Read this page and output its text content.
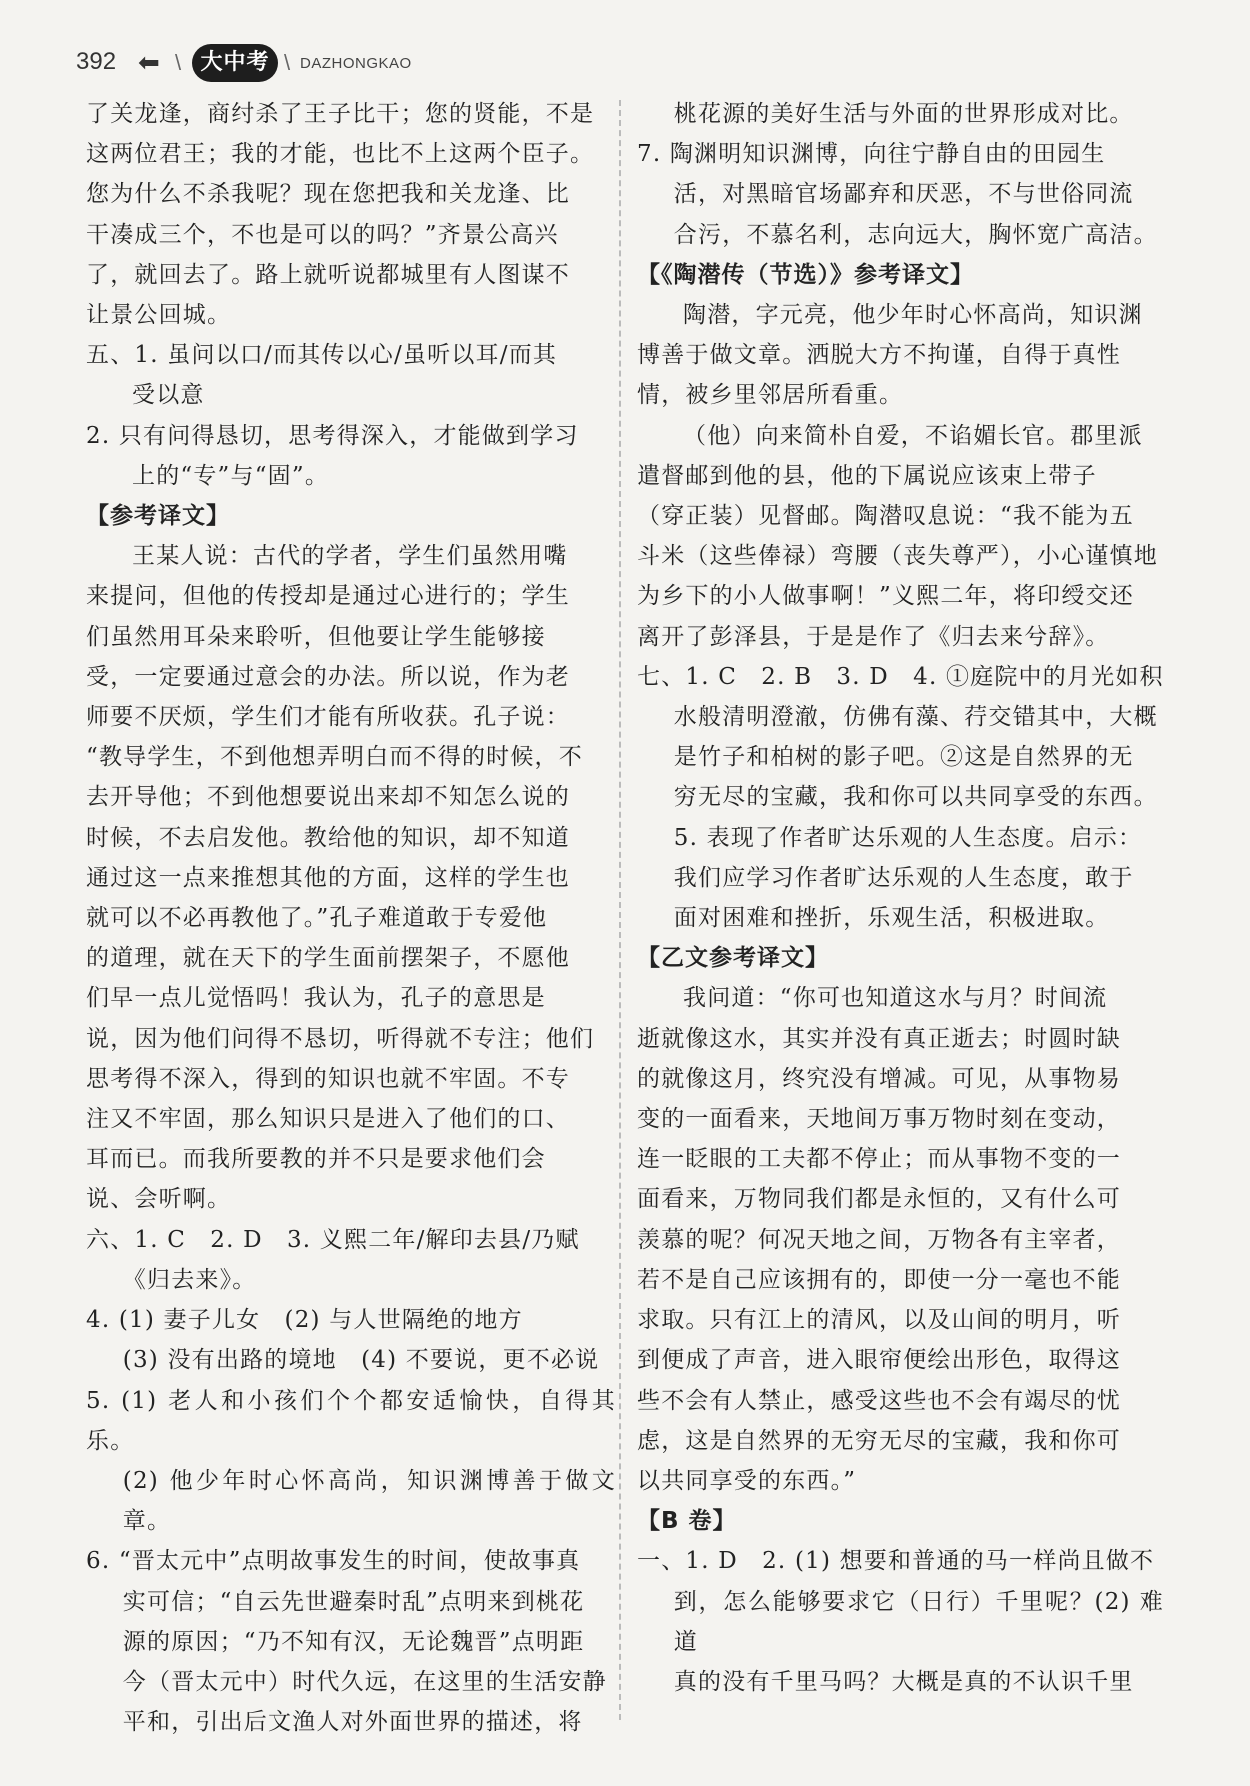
392 ⬅ \ 大中考 \ DAZHONGKAO

了关龙逢，商纣杀了王子比干；您的贤能，不是

这两位君王；我的才能，也比不上这两个臣子。

您为什么不杀我呢？现在您把我和关龙逢、比

干凑成三个，不也是可以的吗？”齐景公高兴

了，就回去了。路上就听说都城里有人图谋不

让景公回城。

五、1. 虽问以口/而其传以心/虽听以耳/而其

受以意

2. 只有问得恳切，思考得深入，才能做到学习

上的“专”与“固”。

【参考译文】

王某人说：古代的学者，学生们虽然用嘴

来提问，但他的传授却是通过心进行的；学生

们虽然用耳朵来聆听，但他要让学生能够接

受，一定要通过意会的办法。所以说，作为老

师要不厌烦，学生们才能有所收获。孔子说：

“教导学生，不到他想弄明白而不得的时候，不

去开导他；不到他想要说出来却不知怎么说的

时候，不去启发他。教给他的知识，却不知道

通过这一点来推想其他的方面，这样的学生也

就可以不必再教他了。”孔子难道敢于专爱他

的道理，就在天下的学生面前摆架子，不愿他

们早一点儿觉悟吗！我认为，孔子的意思是

说，因为他们问得不恳切，听得就不专注；他们

思考得不深入，得到的知识也就不牢固。不专

注又不牢固，那么知识只是进入了他们的口、

耳而已。而我所要教的并不只是要求他们会

说、会听啊。

六、1. C　2. D　3. 义熙二年/解印去县/乃赋

《归去来》。

4. (1) 妻子儿女　(2) 与人世隔绝的地方

(3) 没有出路的境地　(4) 不要说，更不必说

5. (1) 老人和小孩们个个都安适愉快，自得其乐。

(2) 他少年时心怀高尚，知识渊博善于做文章。

6. “晋太元中”点明故事发生的时间，使故事真

实可信；“自云先世避秦时乱”点明来到桃花

源的原因；“乃不知有汉，无论魏晋”点明距

今（晋太元中）时代久远，在这里的生活安静

平和，引出后文渔人对外面世界的描述，将

桃花源的美好生活与外面的世界形成对比。

7. 陶渊明知识渊博，向往宁静自由的田园生

活，对黑暗官场鄙弃和厌恶，不与世俗同流

合污，不慕名利，志向远大，胸怀宽广高洁。

【《陶潜传（节选）》参考译文】

陶潜，字元亮，他少年时心怀高尚，知识渊

博善于做文章。洒脱大方不拘谨，自得于真性

情，被乡里邻居所看重。

（他）向来简朴自爱，不谄媚长官。郡里派

遣督邮到他的县，他的下属说应该束上带子

（穿正装）见督邮。陶潜叹息说：“我不能为五

斗米（这些俸禄）弯腰（丧失尊严），小心谨慎地

为乡下的小人做事啊！”义熙二年，将印绶交还

离开了彭泽县，于是是作了《归去来兮辞》。

七、1. C　2. B　3. D　4. ①庭院中的月光如积

水般清明澄澈，仿佛有藻、荇交错其中，大概

是竹子和柏树的影子吧。②这是自然界的无

穷无尽的宝藏，我和你可以共同享受的东西。

5. 表现了作者旷达乐观的人生态度。启示：

我们应学习作者旷达乐观的人生态度，敢于

面对困难和挫折，乐观生活，积极进取。

【乙文参考译文】

我问道：“你可也知道这水与月？时间流

逝就像这水，其实并没有真正逝去；时圆时缺

的就像这月，终究没有增减。可见，从事物易

变的一面看来，天地间万事万物时刻在变动，

连一眨眼的工夫都不停止；而从事物不变的一

面看来，万物同我们都是永恒的，又有什么可

羡慕的呢？何况天地之间，万物各有主宰者，

若不是自己应该拥有的，即使一分一毫也不能

求取。只有江上的清风，以及山间的明月，听

到便成了声音，进入眼帘便绘出形色，取得这

些不会有人禁止，感受这些也不会有竭尽的忧

虑，这是自然界的无穷无尽的宝藏，我和你可

以共同享受的东西。”

【B 卷】

一、1. D　2. (1) 想要和普通的马一样尚且做不

到，怎么能够要求它（日行）千里呢？(2) 难道

真的没有千里马吗？大概是真的不认识千里
